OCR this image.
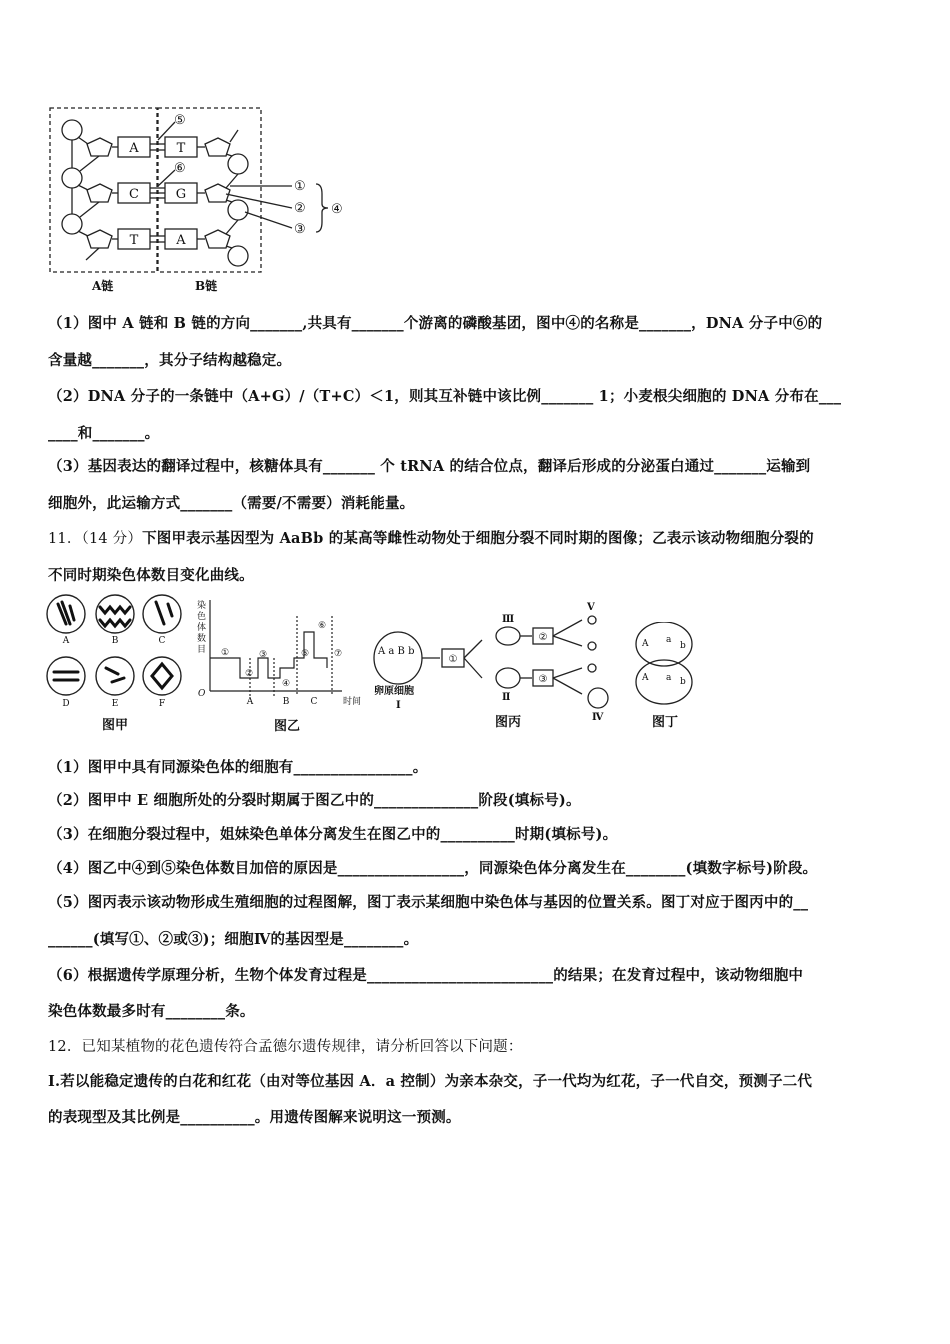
A
C
T
T
G
A
⑤
⑥
①
②
③
④
A链	B链
（1）图中 A 链和 B 链的方向_______,共具有_______个游离的磷酸基团，图中④的名称是_______，DNA 分子中⑥的
含量越_______，其分子结构越稳定。
（2）DNA 分子的一条链中（A+G）/（T+C）＜1，则其互补链中该比例_______ 1；小麦根尖细胞的 DNA 分布在___
____和_______。
（3）基因表达的翻译过程中，核糖体具有_______ 个 tRNA 的结合位点，翻译后形成的分泌蛋白通过_______运输到
细胞外，此运输方式_______（需要/不需要）消耗能量。
11．（14 分）下图甲表示基因型为 AaBb 的某高等雌性动物处于细胞分裂不同时期的图像；乙表示该动物细胞分裂的
不同时期染色体数目变化曲线。
A	B	C
D	E	F
图甲
染
色
体
数
目
O
①
②
③
④
⑤
⑥
⑦
A	B C	时间
图乙
A a B b
①
②
③
卵原细胞
Ⅰ
Ⅲ
Ⅱ
Ⅴ
Ⅳ
图丙
A a
b
A a b
图丁
（1）图甲中具有同源染色体的细胞有________________。
（2）图甲中 E 细胞所处的分裂时期属于图乙中的______________阶段(填标号)。
（3）在细胞分裂过程中，姐妹染色单体分离发生在图乙中的__________时期(填标号)。
（4）图乙中④到⑤染色体数目加倍的原因是_________________，同源染色体分离发生在________(填数字标号)阶段。
（5）图丙表示该动物形成生殖细胞的过程图解，图丁表示某细胞中染色体与基因的位置关系。图丁对应于图丙中的__
______(填写①、②或③)；细胞Ⅳ的基因型是________。
（6）根据遗传学原理分析，生物个体发育过程是_________________________的结果；在发育过程中，该动物细胞中
染色体数最多时有________条。
12．已知某植物的花色遗传符合孟德尔遗传规律，请分析回答以下问题：
Ⅰ.若以能稳定遗传的白花和红花（由对等位基因 A．a 控制）为亲本杂交，子一代均为红花，子一代自交，预测子二代
的表现型及其比例是__________。用遗传图解来说明这一预测。
